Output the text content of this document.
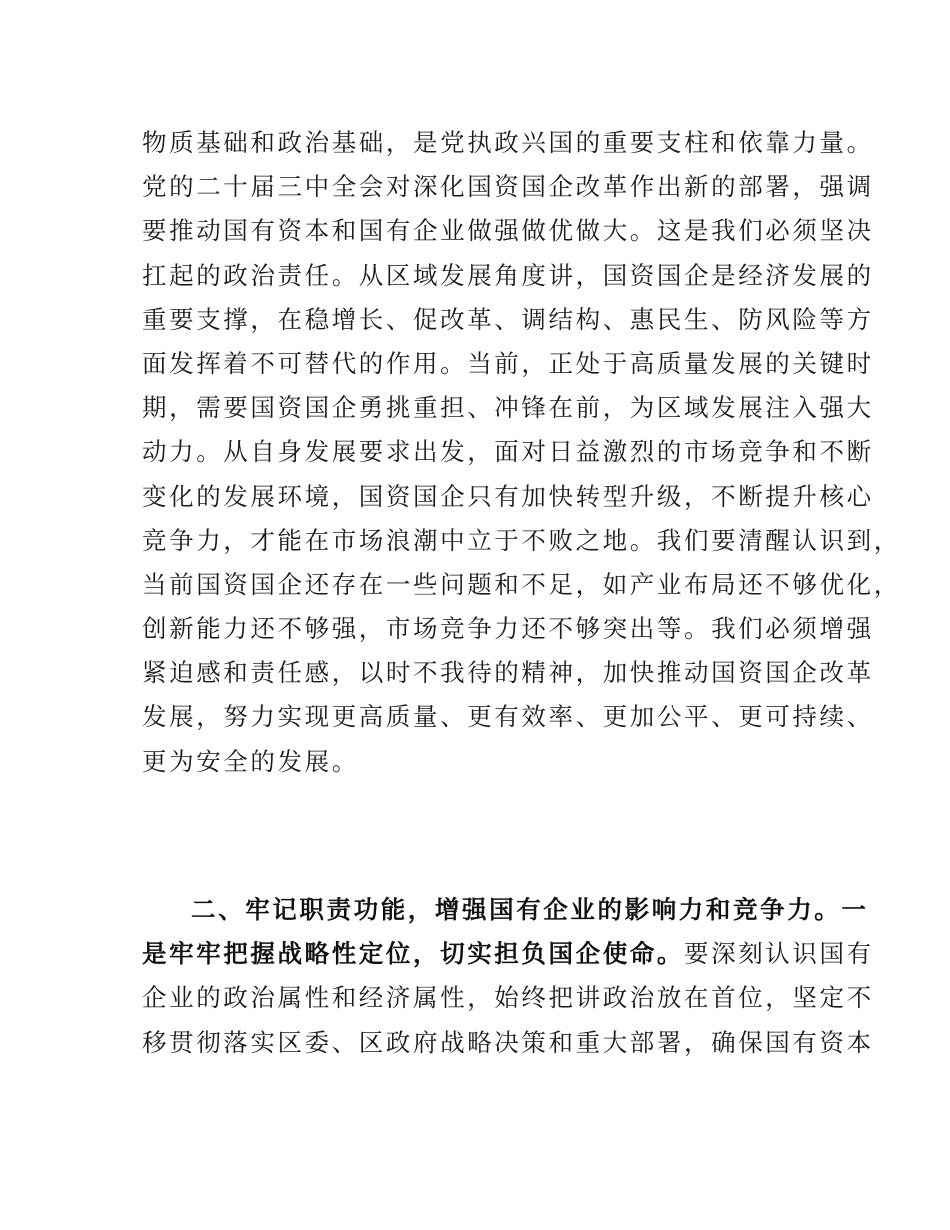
物质基础和政治基础，是党执政兴国的重要支柱和依靠力量。
党的二十届三中全会对深化国资国企改革作出新的部署，强调
要推动国有资本和国有企业做强做优做大。这是我们必须坚决
扛起的政治责任。从区域发展角度讲，国资国企是经济发展的
重要支撑，在稳增长、促改革、调结构、惠民生、防风险等方
面发挥着不可替代的作用。当前，正处于高质量发展的关键时
期，需要国资国企勇挑重担、冲锋在前，为区域发展注入强大
动力。从自身发展要求出发，面对日益激烈的市场竞争和不断
变化的发展环境，国资国企只有加快转型升级，不断提升核心
竞争力，才能在市场浪潮中立于不败之地。我们要清醒认识到，
当前国资国企还存在一些问题和不足，如产业布局还不够优化，
创新能力还不够强，市场竞争力还不够突出等。我们必须增强
紧迫感和责任感，以时不我待的精神，加快推动国资国企改革
发展，努力实现更高质量、更有效率、更加公平、更可持续、
更为安全的发展。
二、牢记职责功能，增强国有企业的影响力和竞争力。一
是牢牢把握战略性定位，切实担负国企使命。要深刻认识国有
企业的政治属性和经济属性，始终把讲政治放在首位，坚定不
移贯彻落实区委、区政府战略决策和重大部署，确保国有资本
